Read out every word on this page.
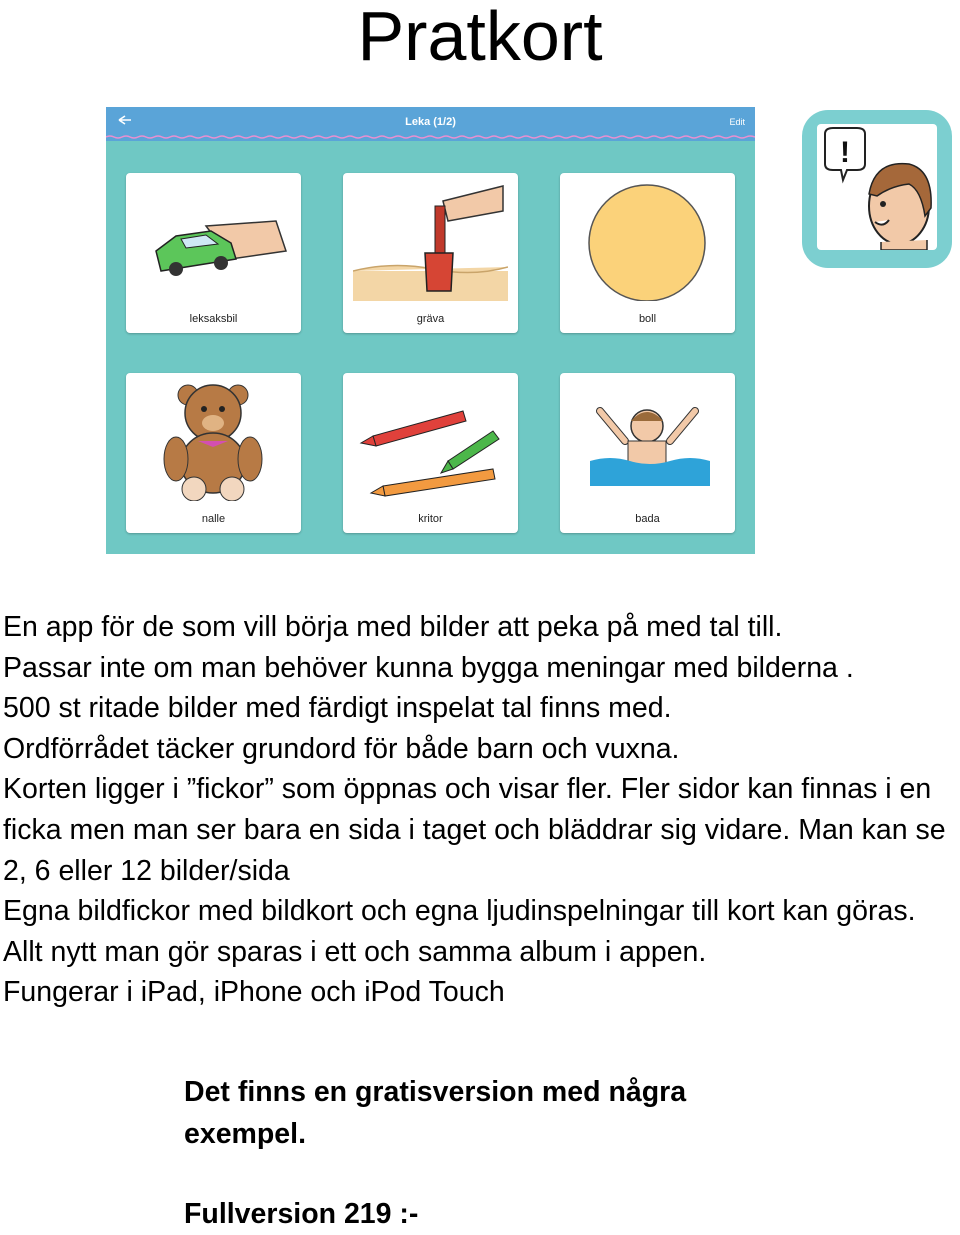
Pratkort
Leka (1/2)	Edit
leksaksbil	gräva	boll
nalle	kritor	bada
!

En app för de som vill börja med bilder att peka på med tal till.

Passar inte om man behöver kunna bygga meningar med bilderna .

500 st ritade bilder med färdigt inspelat tal finns med.

Ordförrådet täcker grundord för både barn och vuxna.

Korten ligger i ”fickor” som öppnas och visar fler. Fler sidor kan finnas i en ficka men man ser bara en sida i taget och bläddrar sig vidare. Man kan se 2, 6 eller 12 bilder/sida

Egna bildfickor med bildkort och egna ljudinspelningar till kort kan göras. Allt nytt man gör sparas i ett och samma album i appen.

Fungerar i iPad, iPhone och iPod Touch

Det finns en gratisversion med några

exempel.

Fullversion 219 :-
